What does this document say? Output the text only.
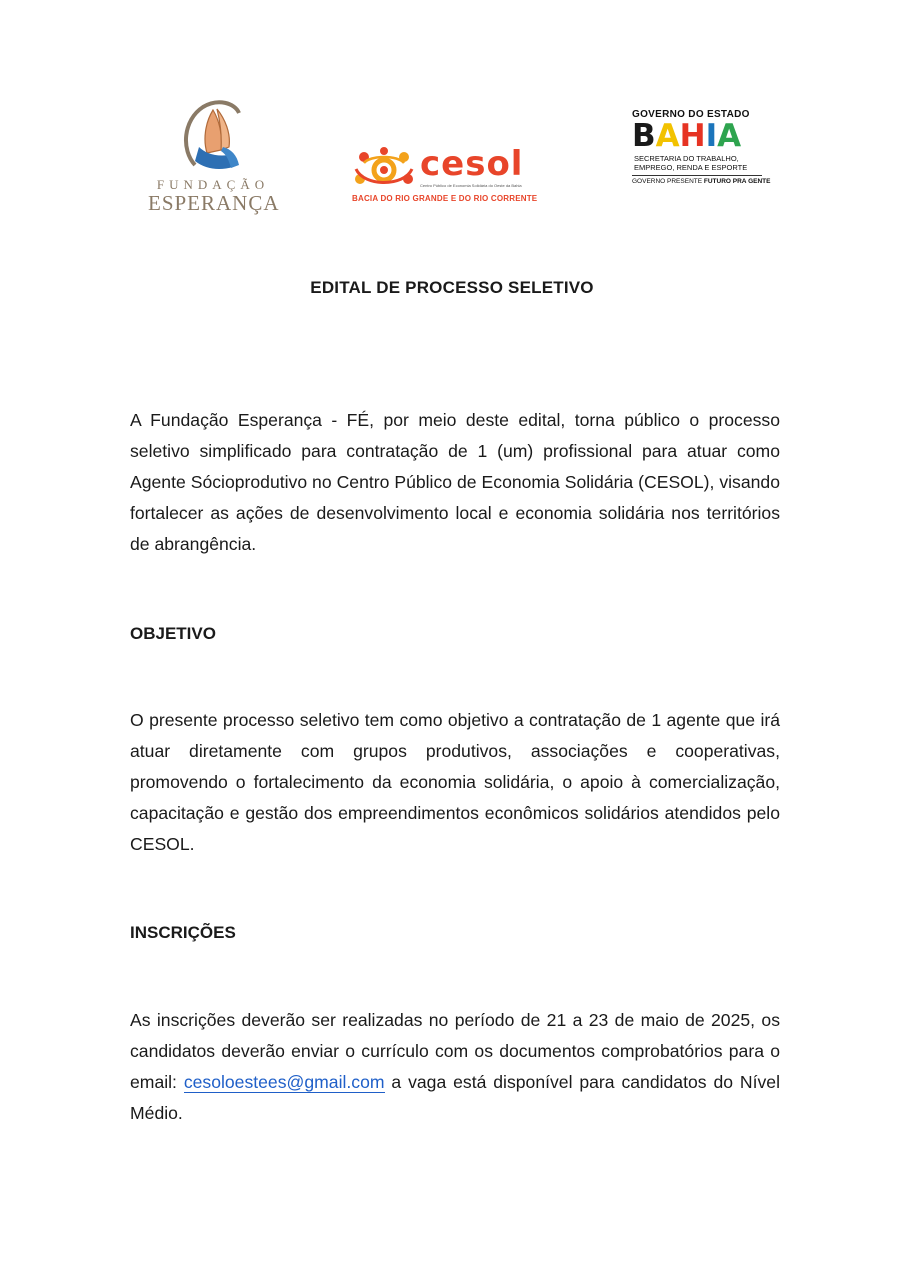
FUNDAÇÃO
ESPERANÇA
cesol
Centro Público de Economia Solidária do Oeste da Bahia
BACIA DO RIO GRANDE E DO RIO CORRENTE
GOVERNO DO ESTADO
B A H I A
SECRETARIA DO TRABALHO,
EMPREGO, RENDA E ESPORTE
GOVERNO PRESENTE FUTURO PRA GENTE
EDITAL DE PROCESSO SELETIVO

A Fundação Esperança - FÉ, por meio deste edital, torna público o processo seletivo simplificado para contratação de 1 (um) profissional para atuar como Agente Sócioprodutivo no Centro Público de Economia Solidária (CESOL), visando fortalecer as ações de desenvolvimento local e economia solidária nos territórios de abrangência.

OBJETIVO

O presente processo seletivo tem como objetivo a contratação de 1 agente que irá atuar diretamente com grupos produtivos, associações e cooperativas, promovendo o fortalecimento da economia solidária, o apoio à comercialização, capacitação e gestão dos empreendimentos econômicos solidários atendidos pelo CESOL.

INSCRIÇÕES

As inscrições deverão ser realizadas no período de 21 a 23 de maio de 2025, os candidatos deverão enviar o currículo com os documentos comprobatórios para o email: cesoloestees@gmail.com a vaga está disponível para candidatos do Nível Médio.
